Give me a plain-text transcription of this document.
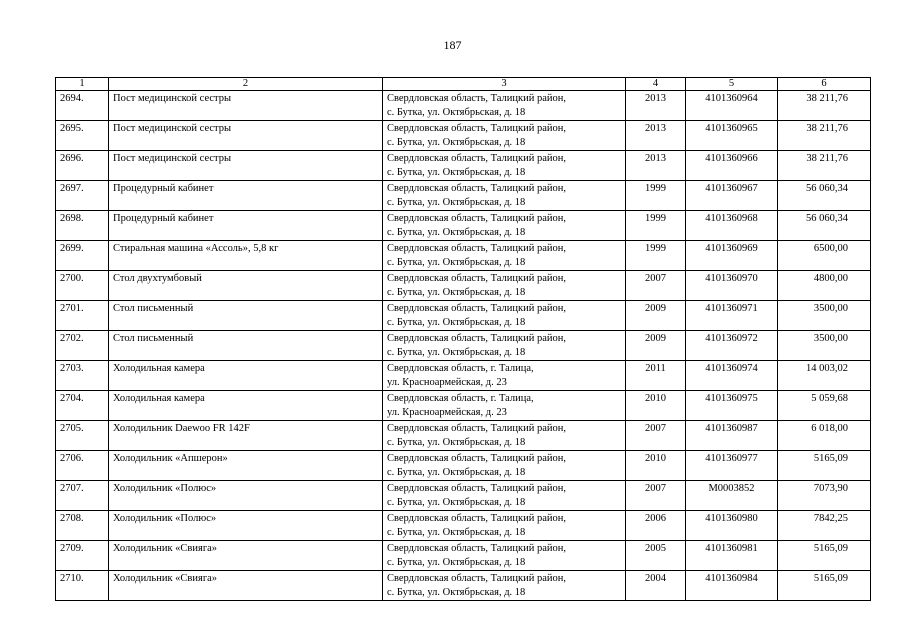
187
1	2	3	4	5	6
2694.	Пост медицинской сестры	Свердловская область, Талицкий район,
с. Бутка, ул. Октябрьская, д. 18	2013	4101360964	38 211,76
2695.	Пост медицинской сестры	Свердловская область, Талицкий район,
с. Бутка, ул. Октябрьская, д. 18	2013	4101360965	38 211,76
2696.	Пост медицинской сестры	Свердловская область, Талицкий район,
с. Бутка, ул. Октябрьская, д. 18	2013	4101360966	38 211,76
2697.	Процедурный кабинет	Свердловская область, Талицкий район,
с. Бутка, ул. Октябрьская, д. 18	1999	4101360967	56 060,34
2698.	Процедурный кабинет	Свердловская область, Талицкий район,
с. Бутка, ул. Октябрьская, д. 18	1999	4101360968	56 060,34
2699.	Стиральная машина «Ассоль», 5,8 кг	Свердловская область, Талицкий район,
с. Бутка, ул. Октябрьская, д. 18	1999	4101360969	6500,00
2700.	Стол двухтумбовый	Свердловская область, Талицкий район,
с. Бутка, ул. Октябрьская, д. 18	2007	4101360970	4800,00
2701.	Стол письменный	Свердловская область, Талицкий район,
с. Бутка, ул. Октябрьская, д. 18	2009	4101360971	3500,00
2702.	Стол письменный	Свердловская область, Талицкий район,
с. Бутка, ул. Октябрьская, д. 18	2009	4101360972	3500,00
2703.	Холодильная камера	Свердловская область, г. Талица,
ул. Красноармейская, д. 23	2011	4101360974	14 003,02
2704.	Холодильная камера	Свердловская область, г. Талица,
ул. Красноармейская, д. 23	2010	4101360975	5 059,68
2705.	Холодильник Daewoo FR 142F	Свердловская область, Талицкий район,
с. Бутка, ул. Октябрьская, д. 18	2007	4101360987	6 018,00
2706.	Холодильник «Апшерон»	Свердловская область, Талицкий район,
с. Бутка, ул. Октябрьская, д. 18	2010	4101360977	5165,09
2707.	Холодильник «Полюс»	Свердловская область, Талицкий район,
с. Бутка, ул. Октябрьская, д. 18	2007	М0003852	7073,90
2708.	Холодильник «Полюс»	Свердловская область, Талицкий район,
с. Бутка, ул. Октябрьская, д. 18	2006	4101360980	7842,25
2709.	Холодильник «Свияга»	Свердловская область, Талицкий район,
с. Бутка, ул. Октябрьская, д. 18	2005	4101360981	5165,09
2710.	Холодильник «Свияга»	Свердловская область, Талицкий район,
с. Бутка, ул. Октябрьская, д. 18	2004	4101360984	5165,09
